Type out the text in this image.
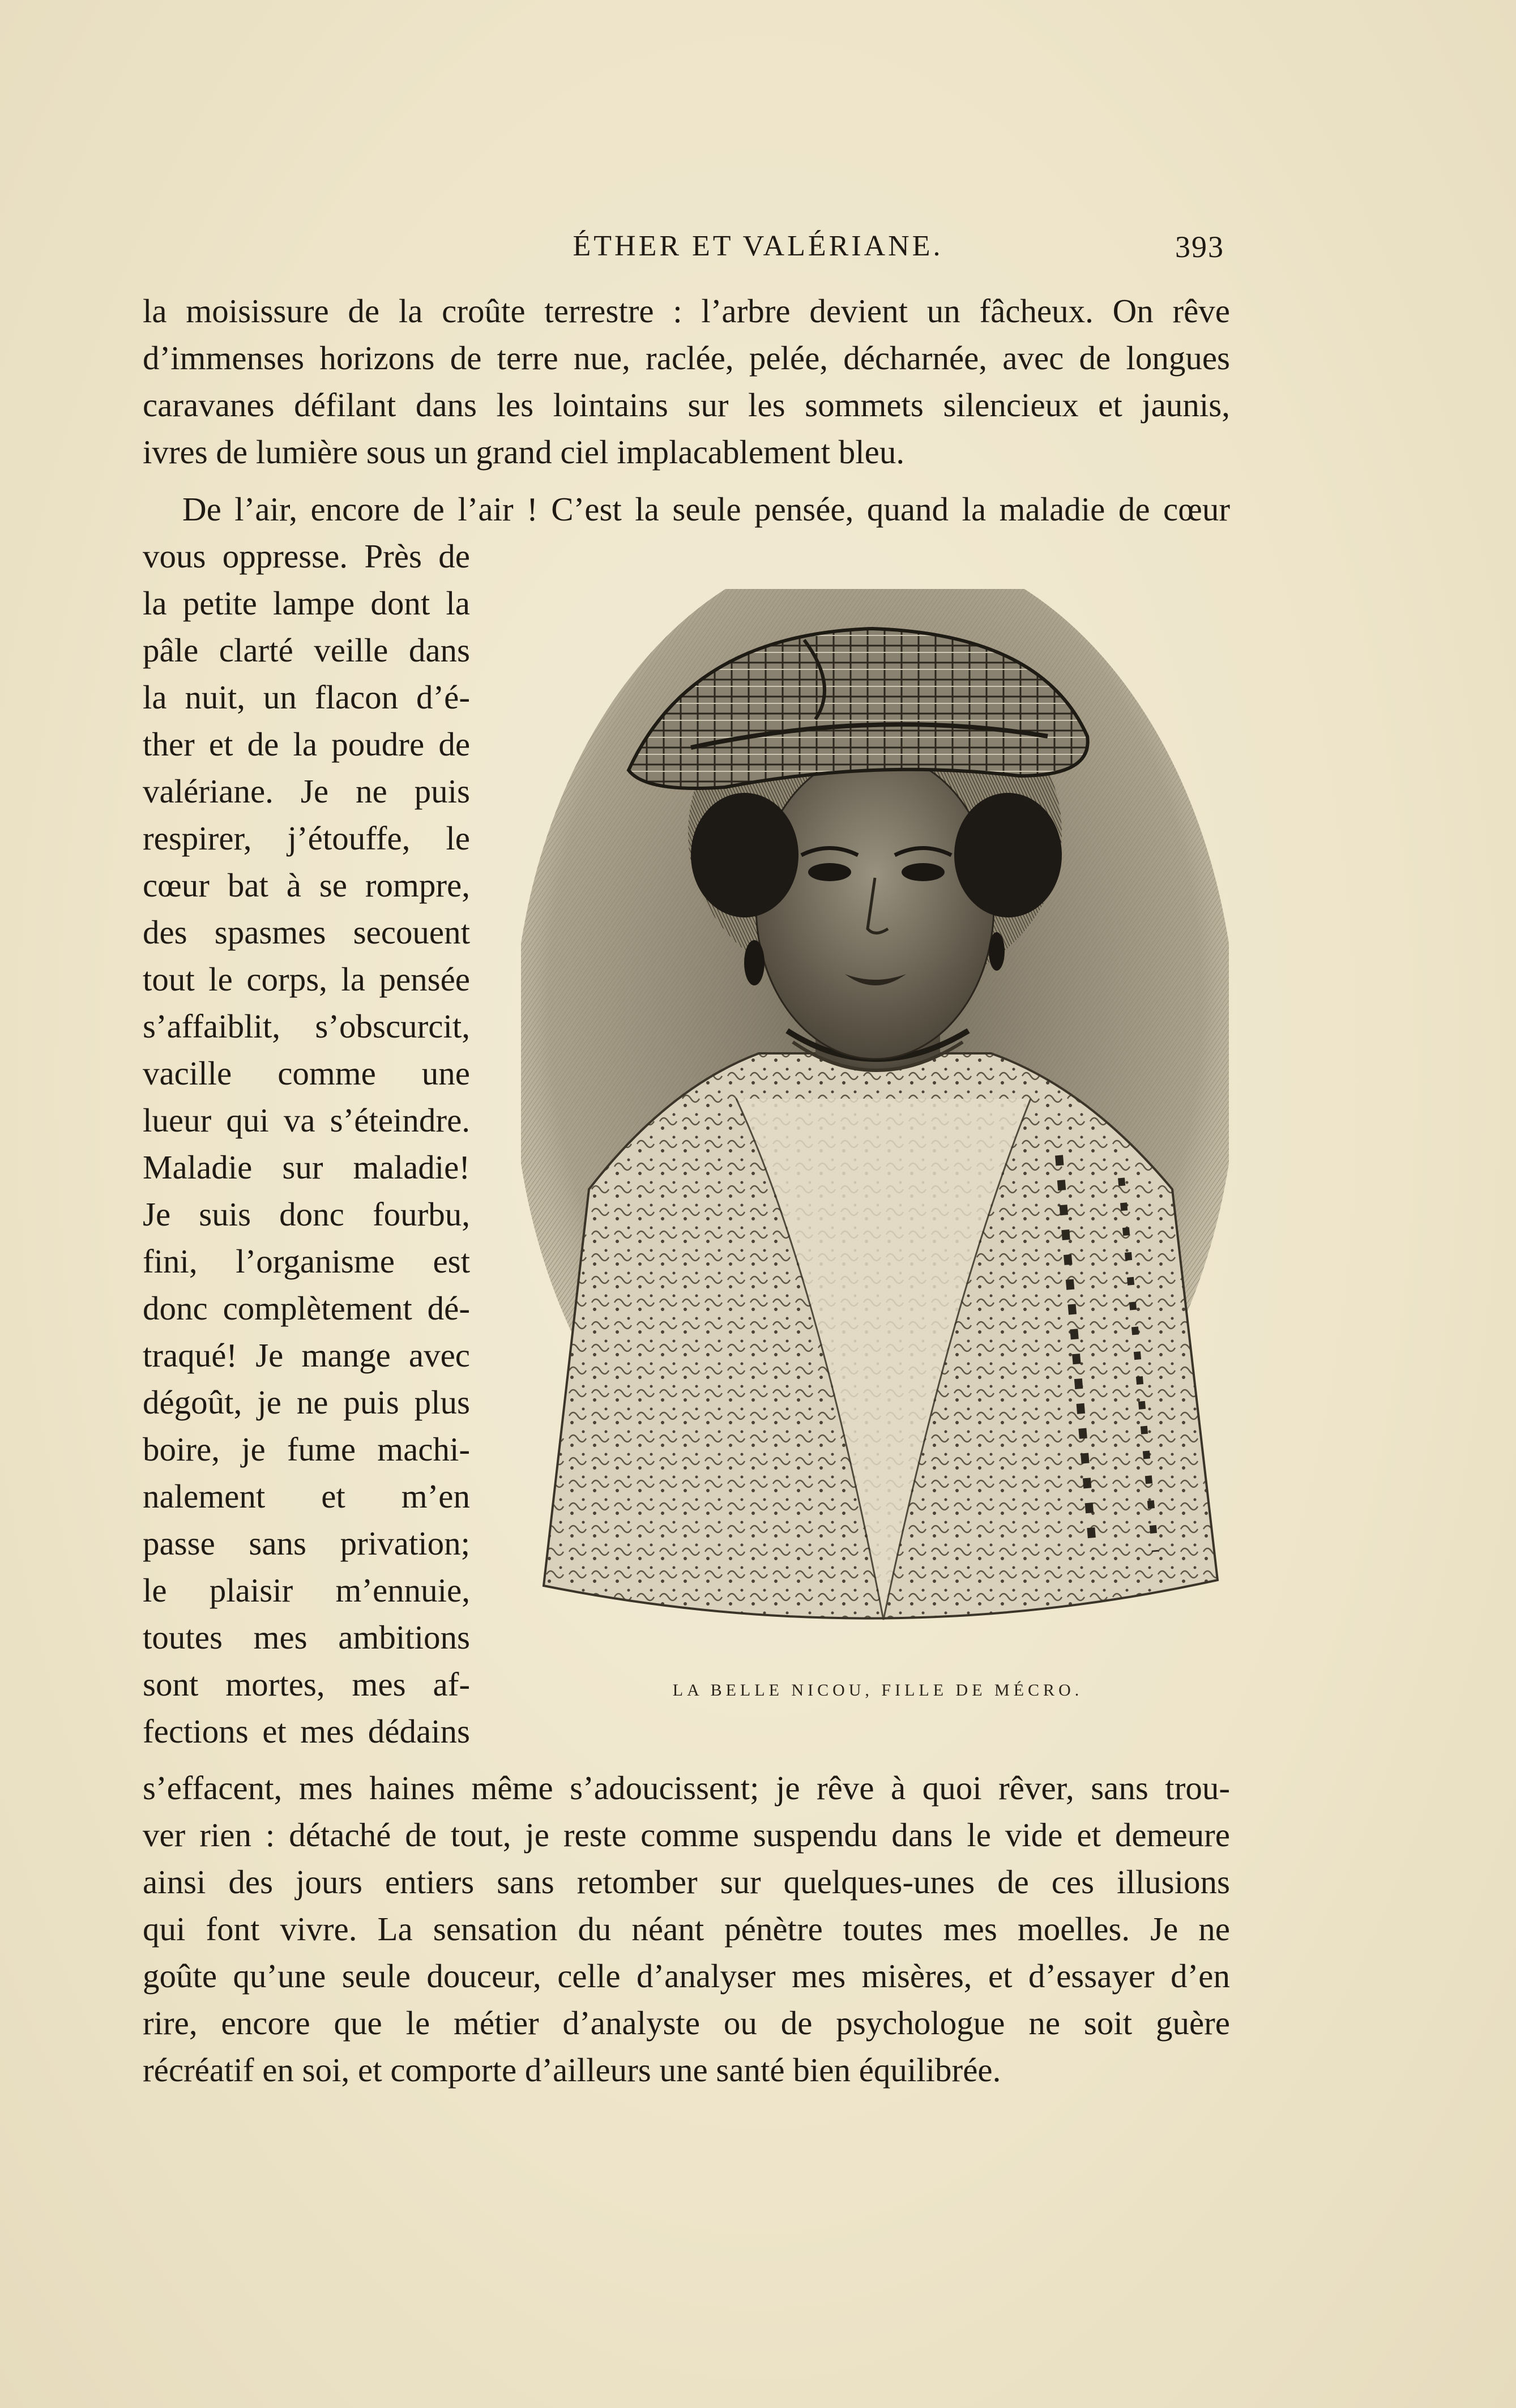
ÉTHER ET VALÉRIANE.	393
la moisissure de la croûte terrestre : l’arbre devient un fâcheux. On rêve
d’immenses horizons de terre nue, raclée, pelée, décharnée, avec de longues
caravanes défilant dans les lointains sur les sommets silencieux et jaunis,
ivres de lumière sous un grand ciel implacablement bleu.
De l’air, encore de l’air ! C’est la seule pensée, quand la maladie de cœur
vous oppresse. Près de
la petite lampe dont la
pâle clarté veille dans
la nuit, un flacon d’é-
ther et de la poudre de
valériane. Je ne puis
respirer, j’étouffe, le
cœur bat à se rompre,
des spasmes secouent
tout le corps, la pensée
s’affaiblit, s’obscurcit,
vacille comme une
lueur qui va s’éteindre.
Maladie sur maladie!
Je suis donc fourbu,
fini, l’organisme est
donc complètement dé-
traqué! Je mange avec
dégoût, je ne puis plus
boire, je fume machi-
nalement et m’en
passe sans privation;
le plaisir m’ennuie,
toutes mes ambitions
sont mortes, mes af-
fections et mes dédains
LA BELLE NICOU, FILLE DE MÉCRO.
s’effacent, mes haines même s’adoucissent; je rêve à quoi rêver, sans trou-
ver rien : détaché de tout, je reste comme suspendu dans le vide et demeure
ainsi des jours entiers sans retomber sur quelques-unes de ces illusions
qui font vivre. La sensation du néant pénètre toutes mes moelles. Je ne
goûte qu’une seule douceur, celle d’analyser mes misères, et d’essayer d’en
rire, encore que le métier d’analyste ou de psychologue ne soit guère
récréatif en soi, et comporte d’ailleurs une santé bien équilibrée.
